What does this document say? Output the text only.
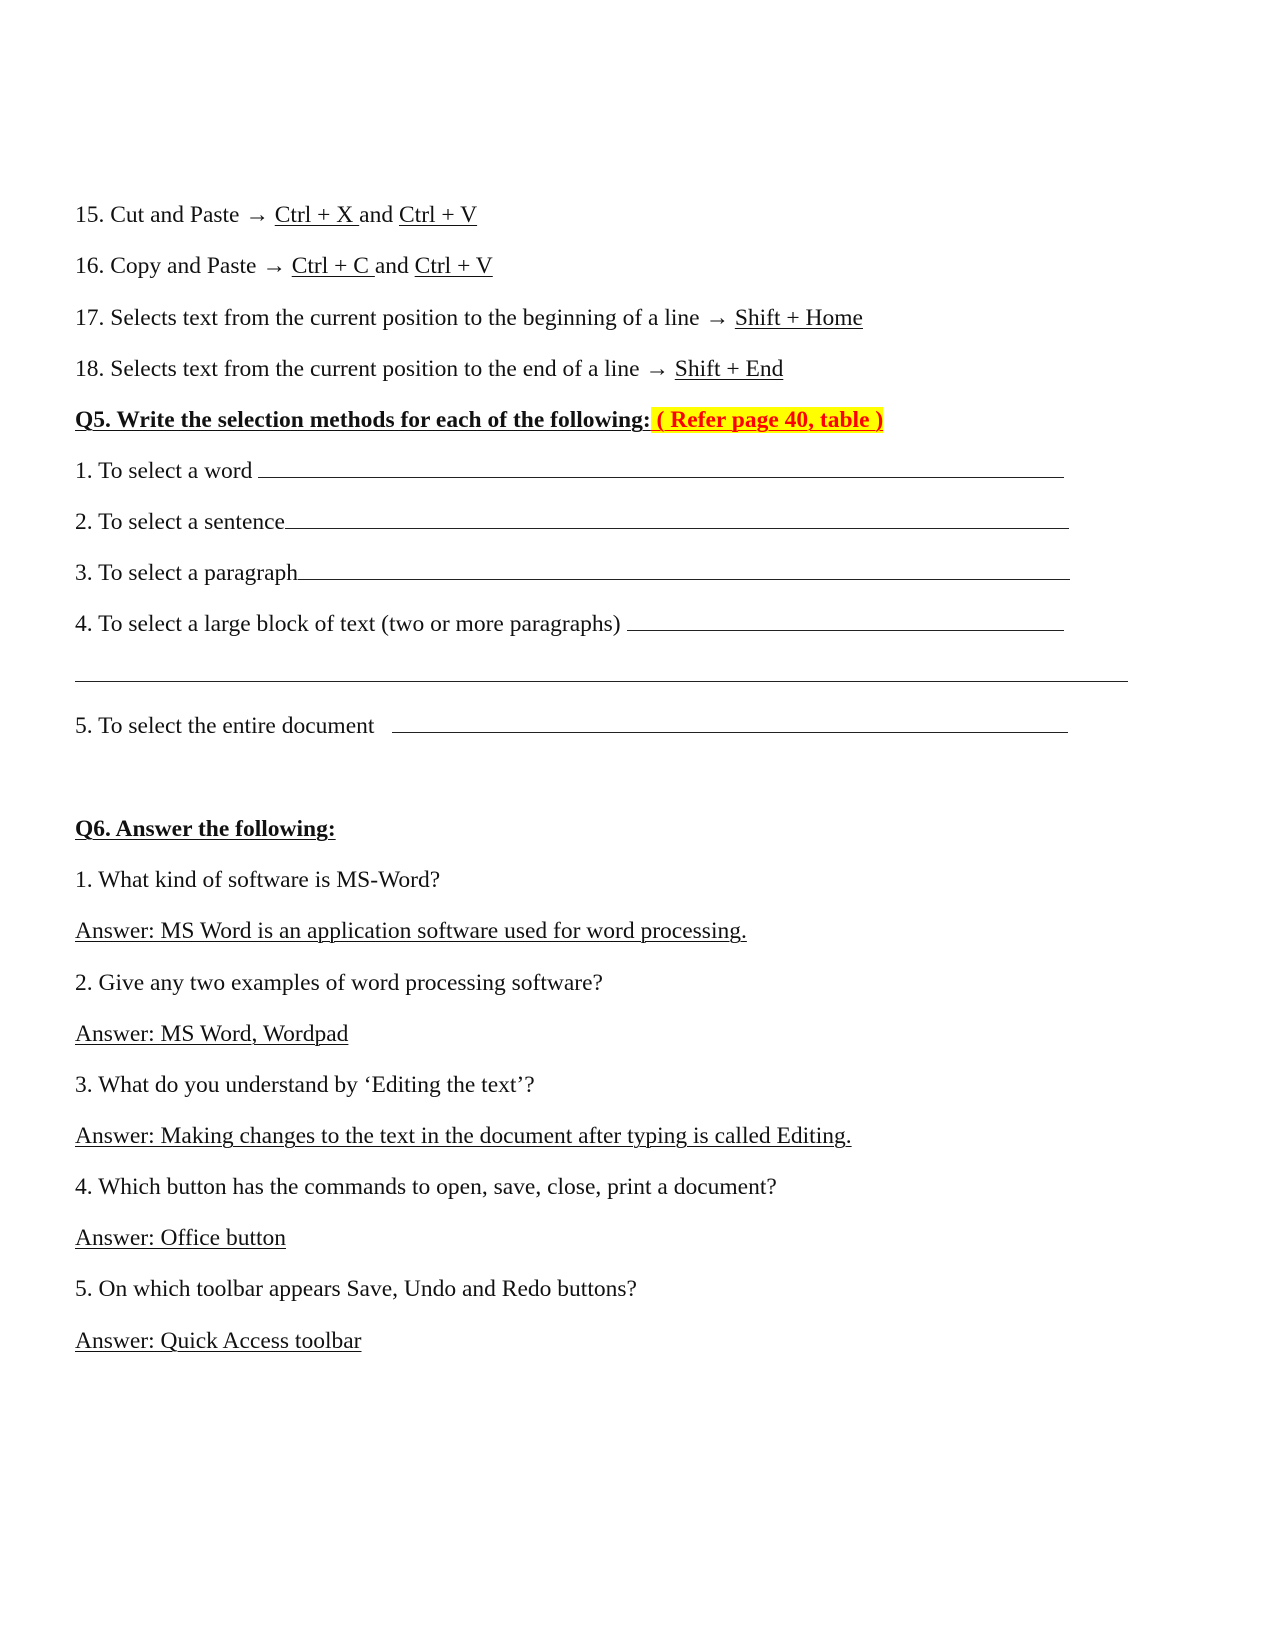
15. Cut and Paste → Ctrl + X and Ctrl + V
16. Copy and Paste → Ctrl + C and Ctrl + V
17. Selects text from the current position to the beginning of a line → Shift + Home
18. Selects text from the current position to the end of a line → Shift + End
Q5. Write the selection methods for each of the following: ( Refer page 40, table )
1. To select a word
2. To select a sentence
3. To select a paragraph
4. To select a large block of text (two or more paragraphs)
5. To select the entire document
Q6. Answer the following:
1. What kind of software is MS-Word?
Answer: MS Word is an application software used for word processing.
2. Give any two examples of word processing software?
Answer: MS Word, Wordpad
3. What do you understand by ‘Editing the text’?
Answer: Making changes to the text in the document after typing is called Editing.
4. Which button has the commands to open, save, close, print a document?
Answer: Office button
5. On which toolbar appears Save, Undo and Redo buttons?
Answer: Quick Access toolbar
